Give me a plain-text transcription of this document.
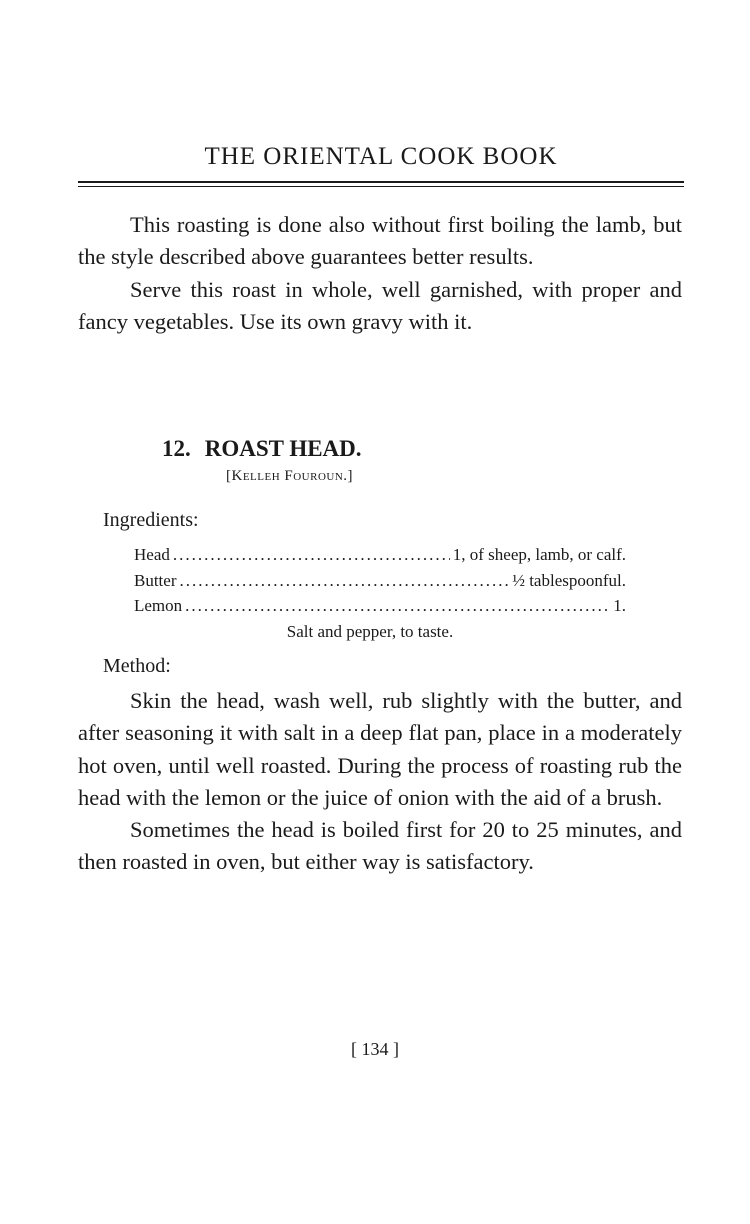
THE ORIENTAL COOK BOOK

This roasting is done also without first boiling the lamb, but the style described above guarantees better results.

Serve this roast in whole, well garnished, with proper and fancy vegetables. Use its own gravy with it.

12. ROAST HEAD.
[Kelleh Fouroun.]
Ingredients:
Head .....	1, of sheep, lamb, or calf.
Butter .....	½ tablespoonful.
Lemon .....	1.
Salt and pepper, to taste.
Method:

Skin the head, wash well, rub slightly with the butter, and after seasoning it with salt in a deep flat pan, place in a moderately hot oven, until well roasted. During the process of roasting rub the head with the lemon or the juice of onion with the aid of a brush.

Sometimes the head is boiled first for 20 to 25 minutes, and then roasted in oven, but either way is satisfactory.

[ 134 ]
